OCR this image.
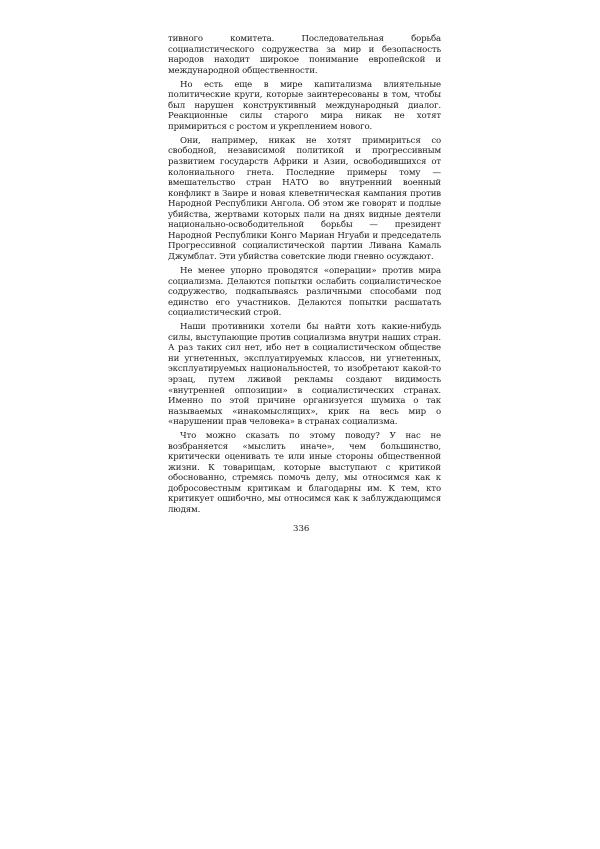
тивного комитета. Последовательная борьба социалистического содружества за мир и безопасность народов находит широкое понимание европейской и международной общественности.

Но есть еще в мире капитализма влиятельные политические круги, которые заинтересованы в том, чтобы был нарушен конструктивный международный диалог. Реакционные силы старого мира никак не хотят примириться с ростом и укреплением нового.

Они, например, никак не хотят примириться со свободной, независимой политикой и прогрессивным развитием государств Африки и Азии, освободившихся от колониального гнета. Последние примеры тому — вмешательство стран НАТО во внутренний военный конфликт в Заире и новая клеветническая кампания против Народной Республики Ангола. Об этом же говорят и подлые убийства, жертвами которых пали на днях видные деятели национально-освободительной борьбы — президент Народной Республики Конго Мариан Нгуаби и председатель Прогрессивной социалистической партии Ливана Камаль Джумблат. Эти убийства советские люди гневно осуждают.

Не менее упорно проводятся «операции» против мира социализма. Делаются попытки ослабить социалистическое содружество, подкапываясь различными способами под единство его участников. Делаются попытки расшатать социалистический строй.

Наши противники хотели бы найти хоть какие-нибудь силы, выступающие против социализма внутри наших стран. А раз таких сил нет, ибо нет в социалистическом обществе ни угнетенных, эксплуатируемых классов, ни угнетенных, эксплуатируемых национальностей, то изобретают какой-то эрзац, путем лживой рекламы создают видимость «внутренней оппозиции» в социалистических странах. Именно по этой причине организуется шумиха о так называемых «инакомыслящих», крик на весь мир о «нарушении прав человека» в странах социализма.

Что можно сказать по этому поводу? У нас не возбраняется «мыслить иначе», чем большинство, критически оценивать те или иные стороны общественной жизни. К товарищам, которые выступают с критикой обоснованно, стремясь помочь делу, мы относимся как к добросовестным критикам и благодарны им. К тем, кто критикует ошибочно, мы относимся как к заблуждающимся людям.

336
